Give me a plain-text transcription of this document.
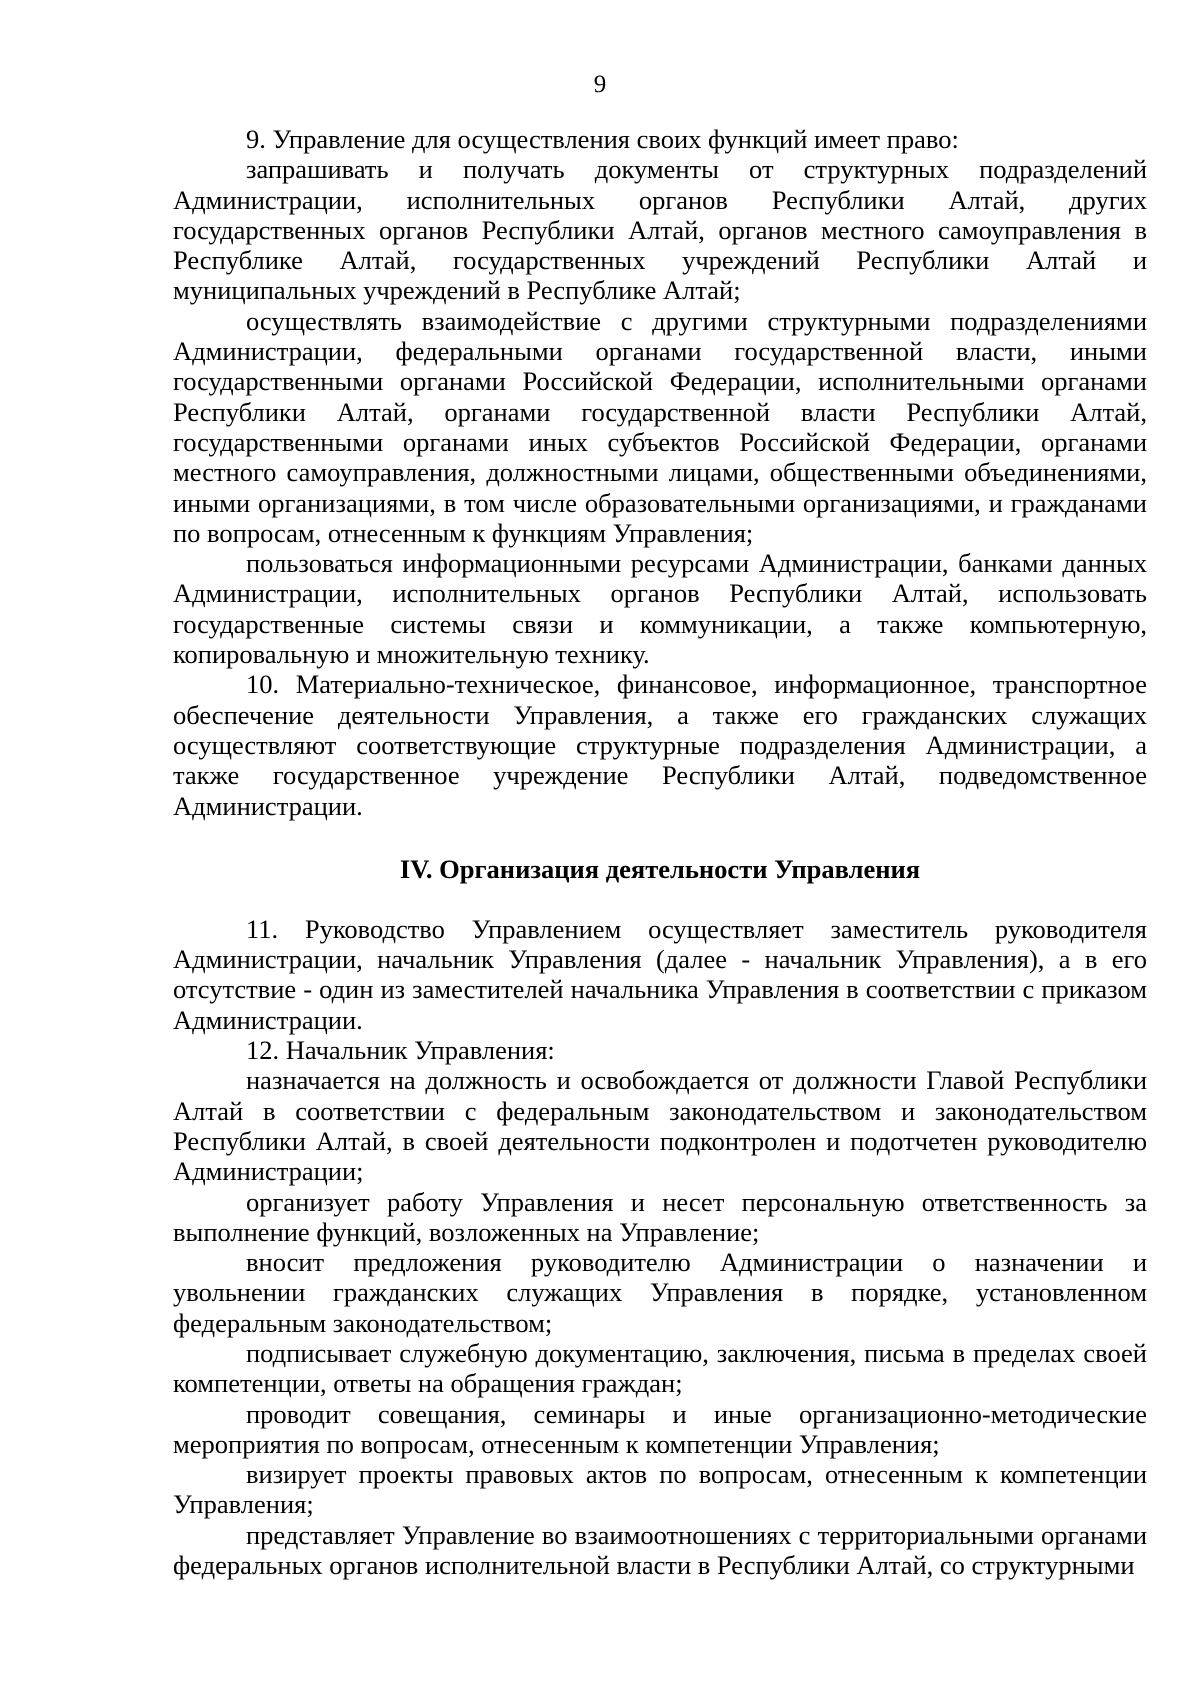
9

9. Управление для осуществления своих функций имеет право:

запрашивать и получать документы от структурных подразделений Администрации, исполнительных органов Республики Алтай, других государственных органов Республики Алтай, органов местного самоуправления в Республике Алтай, государственных учреждений Республики Алтай и муниципальных учреждений в Республике Алтай;

осуществлять взаимодействие с другими структурными подразделениями Администрации, федеральными органами государственной власти, иными государственными органами Российской Федерации, исполнительными органами Республики Алтай, органами государственной власти Республики Алтай, государственными органами иных субъектов Российской Федерации, органами местного самоуправления, должностными лицами, общественными объединениями, иными организациями, в том числе образовательными организациями, и гражданами по вопросам, отнесенным к функциям Управления;

пользоваться информационными ресурсами Администрации, банками данных Администрации, исполнительных органов Республики Алтай, использовать государственные системы связи и коммуникации, а также компьютерную, копировальную и множительную технику.

10. Материально-техническое, финансовое, информационное, транспортное обеспечение деятельности Управления, а также его гражданских служащих осуществляют соответствующие структурные подразделения Администрации, а также государственное учреждение Республики Алтай, подведомственное Администрации.

IV. Организация деятельности Управления

11. Руководство Управлением осуществляет заместитель руководителя Администрации, начальник Управления (далее - начальник Управления), а в его отсутствие - один из заместителей начальника Управления в соответствии с приказом Администрации.

12. Начальник Управления:

назначается на должность и освобождается от должности Главой Республики Алтай в соответствии с федеральным законодательством и законодательством Республики Алтай, в своей деятельности подконтролен и подотчетен руководителю Администрации;

организует работу Управления и несет персональную ответственность за выполнение функций, возложенных на Управление;

вносит предложения руководителю Администрации о назначении и увольнении гражданских служащих Управления в порядке, установленном федеральным законодательством;

подписывает служебную документацию, заключения, письма в пределах своей компетенции, ответы на обращения граждан;

проводит совещания, семинары и иные организационно-методические мероприятия по вопросам, отнесенным к компетенции Управления;

визирует проекты правовых актов по вопросам, отнесенным к компетенции Управления;

представляет Управление во взаимоотношениях с территориальными органами федеральных органов исполнительной власти в Республики Алтай, со структурными
